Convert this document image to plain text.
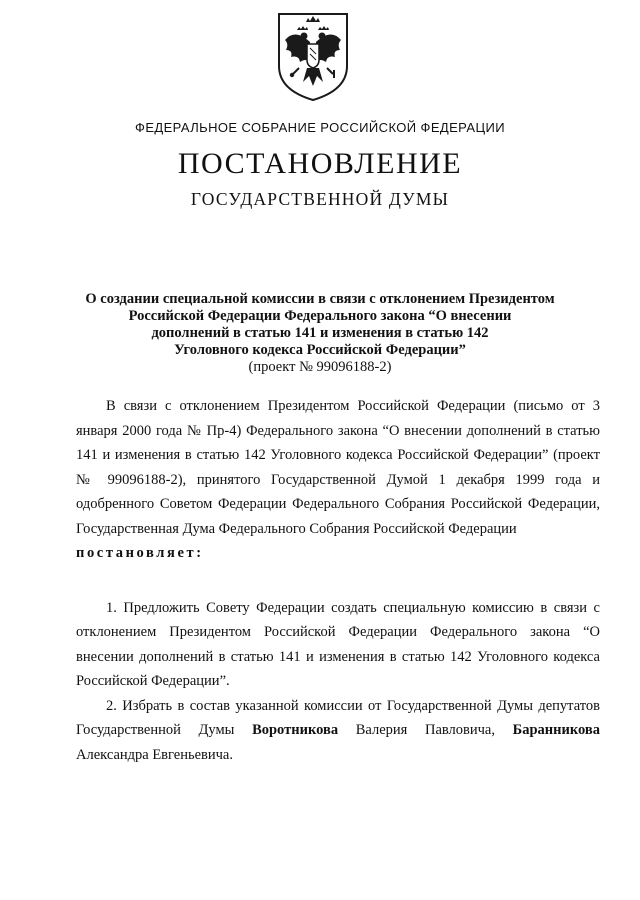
ФЕДЕРАЛЬНОЕ СОБРАНИЕ РОССИЙСКОЙ ФЕДЕРАЦИИ
ПОСТАНОВЛЕНИЕ
ГОСУДАРСТВЕННОЙ ДУМЫ
О создании специальной комиссии в связи с отклонением Президентом
Российской Федерации Федерального закона “О внесении
дополнений в статью 141 и изменения в статью 142
Уголовного кодекса Российской Федерации”
(проект № 99096188-2)

В связи с отклонением Президентом Российской Федерации (письмо от 3 января 2000 года № Пр-4) Федерального закона “О внесении дополнений в статью 141 и изменения в статью 142 Уголовного кодекса Российской Федерации” (проект № 99096188-2), принятого Государственной Думой 1 декабря 1999 года и одобренного Советом Федерации Федерального Собрания Российской Федерации, Государственная Дума Федерального Собрания Российской Федерации

постановляет:

1. Предложить Совету Федерации создать специальную комиссию в связи с отклонением Президентом Российской Федерации Федерального закона “О внесении дополнений в статью 141 и изменения в статью 142 Уголовного кодекса Российской Федерации”.

2. Избрать в состав указанной комиссии от Государственной Думы депутатов Государственной Думы Воротникова Валерия Павловича, Баранникова Александра Евгеньевича.
